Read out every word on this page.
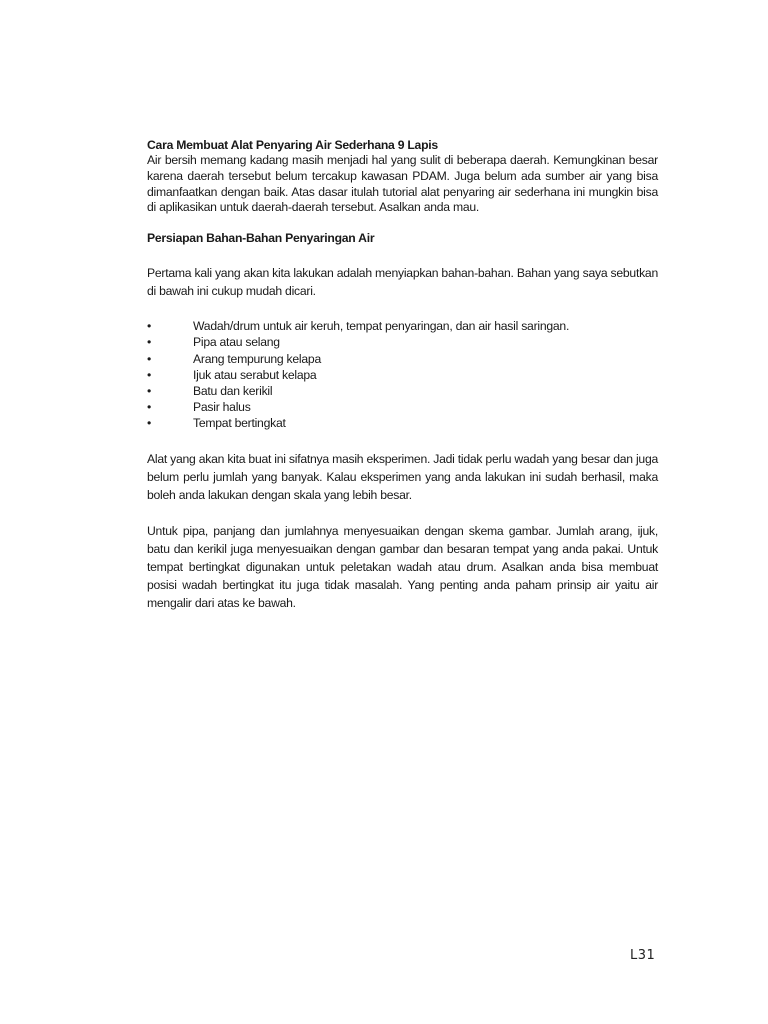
Cara Membuat Alat Penyaring Air Sederhana 9 Lapis

Air bersih memang kadang masih menjadi hal yang sulit di beberapa daerah. Kemungkinan besar karena daerah tersebut belum tercakup kawasan PDAM. Juga belum ada sumber air yang bisa dimanfaatkan dengan baik. Atas dasar itulah tutorial alat penyaring air sederhana ini mungkin bisa di aplikasikan untuk daerah-daerah tersebut. Asalkan anda mau.

Persiapan Bahan-Bahan Penyaringan Air

Pertama kali yang akan kita lakukan adalah menyiapkan bahan-bahan. Bahan yang saya sebutkan di bawah ini cukup mudah dicari.

•	Wadah/drum untuk air keruh, tempat penyaringan, dan air hasil saringan.
•	Pipa atau selang
•	Arang tempurung kelapa
•	Ijuk atau serabut kelapa
•	Batu dan kerikil
•	Pasir halus
•	Tempat bertingkat

Alat yang akan kita buat ini sifatnya masih eksperimen. Jadi tidak perlu wadah yang besar dan juga belum perlu jumlah yang banyak. Kalau eksperimen yang anda lakukan ini sudah berhasil, maka boleh anda lakukan dengan skala yang lebih besar.

Untuk pipa, panjang dan jumlahnya menyesuaikan dengan skema gambar. Jumlah arang, ijuk, batu dan kerikil juga menyesuaikan dengan gambar dan besaran tempat yang anda pakai. Untuk tempat bertingkat digunakan untuk peletakan wadah atau drum. Asalkan anda bisa membuat posisi wadah bertingkat itu juga tidak masalah. Yang penting anda paham prinsip air yaitu air mengalir dari atas ke bawah.

L31
